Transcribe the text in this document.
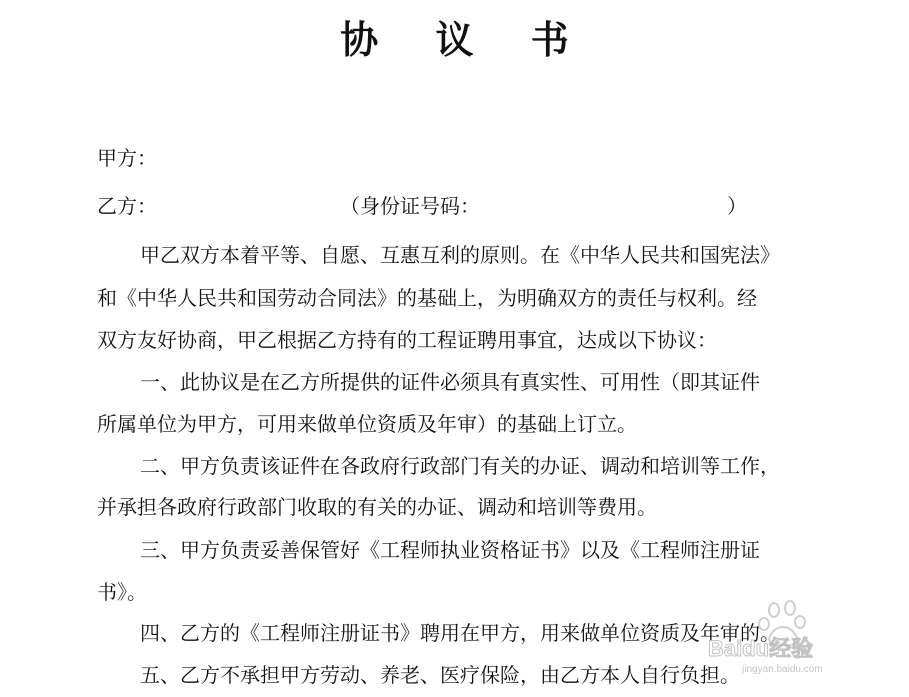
协 议 书
甲方：
乙方：	（身份证号码：	）
甲乙双方本着平等、自愿、互惠互利的原则。在《中华人民共和国宪法》
和《中华人民共和国劳动合同法》的基础上，为明确双方的责任与权利。经
双方友好协商，甲乙根据乙方持有的工程证聘用事宜，达成以下协议：
一、此协议是在乙方所提供的证件必须具有真实性、可用性（即其证件
所属单位为甲方，可用来做单位资质及年审）的基础上订立。
二、甲方负责该证件在各政府行政部门有关的办证、调动和培训等工作，
并承担各政府行政部门收取的有关的办证、调动和培训等费用。
三、甲方负责妥善保管好《工程师执业资格证书》以及《工程师注册证
书》。
四、乙方的《工程师注册证书》聘用在甲方，用来做单位资质及年审的。
五、乙方不承担甲方劳动、养老、医疗保险，由乙方本人自行负担。
Baidu经验
jingyan.baidu.com
